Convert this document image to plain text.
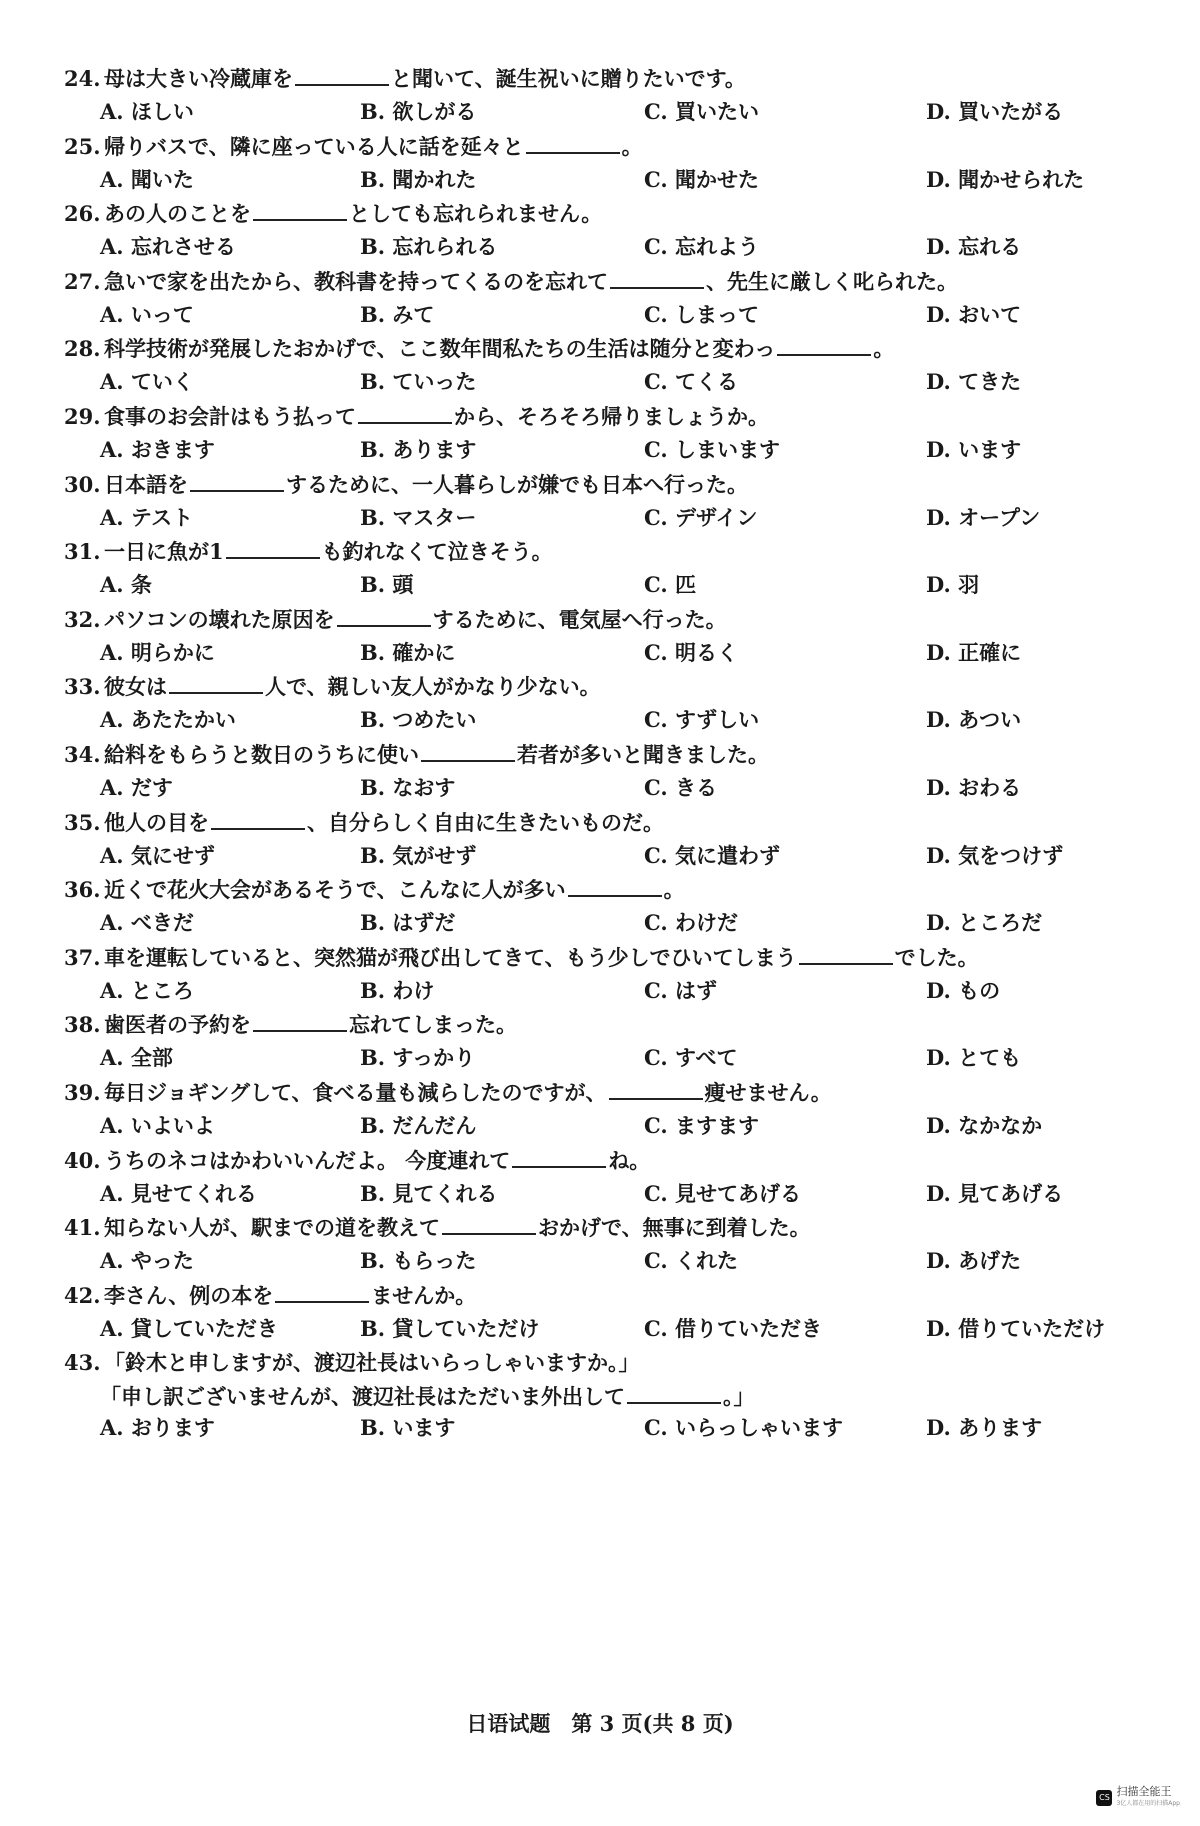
24. 母は大きい冷蔵庫を	と聞いて、誕生祝いに贈りたいです。
A. ほしい	B. 欲しがる	C. 買いたい	D. 買いたがる
25. 帰りバスで、隣に座っている人に話を延々と	。
A. 聞いた	B. 聞かれた	C. 聞かせた	D. 聞かせられた
26. あの人のことを	としても忘れられません。
A. 忘れさせる	B. 忘れられる	C. 忘れよう	D. 忘れる
27. 急いで家を出たから、教科書を持ってくるのを忘れて	、先生に厳しく叱られた。
A. いって	B. みて	C. しまって	D. おいて
28. 科学技術が発展したおかげで、ここ数年間私たちの生活は随分と変わっ	。
A. ていく	B. ていった	C. てくる	D. てきた
29. 食事のお会計はもう払って	から、そろそろ帰りましょうか。
A. おきます	B. あります	C. しまいます	D. います
30. 日本語を	するために、一人暮らしが嫌でも日本へ行った。
A. テスト	B. マスター	C. デザイン	D. オープン
31. 一日に魚が1	も釣れなくて泣きそう。
A. 条	B. 頭	C. 匹	D. 羽
32. パソコンの壊れた原因を	するために、電気屋へ行った。
A. 明らかに	B. 確かに	C. 明るく	D. 正確に
33. 彼女は	人で、親しい友人がかなり少ない。
A. あたたかい	B. つめたい	C. すずしい	D. あつい
34. 給料をもらうと数日のうちに使い	若者が多いと聞きました。
A. だす	B. なおす	C. きる	D. おわる
35. 他人の目を	、自分らしく自由に生きたいものだ。
A. 気にせず	B. 気がせず	C. 気に遣わず	D. 気をつけず
36. 近くで花火大会があるそうで、こんなに人が多い	。
A. べきだ	B. はずだ	C. わけだ	D. ところだ
37. 車を運転していると、突然猫が飛び出してきて、もう少しでひいてしまう	でした。
A. ところ	B. わけ	C. はず	D. もの
38. 歯医者の予約を	忘れてしまった。
A. 全部	B. すっかり	C. すべて	D. とても
39. 毎日ジョギングして、食べる量も減らしたのですが、	痩せません。
A. いよいよ	B. だんだん	C. ますます	D. なかなか
40. うちのネコはかわいいんだよ。 今度連れて	ね。
A. 見せてくれる	B. 見てくれる	C. 見せてあげる	D. 見てあげる
41. 知らない人が、駅までの道を教えて	おかげで、無事に到着した。
A. やった	B. もらった	C. くれた	D. あげた
42. 李さん、例の本を	ませんか。
A. 貸していただき	B. 貸していただけ	C. 借りていただき	D. 借りていただけ
43. 「鈴木と申しますが、渡辺社長はいらっしゃいますか。」
「申し訳ございませんが、渡辺社長はただいま外出して	。」
A. おります	B. います	C. いらっしゃいます	D. あります
日语试题　第 3 页(共 8 页)
CS 扫描全能王
3亿人都在用的扫描App
